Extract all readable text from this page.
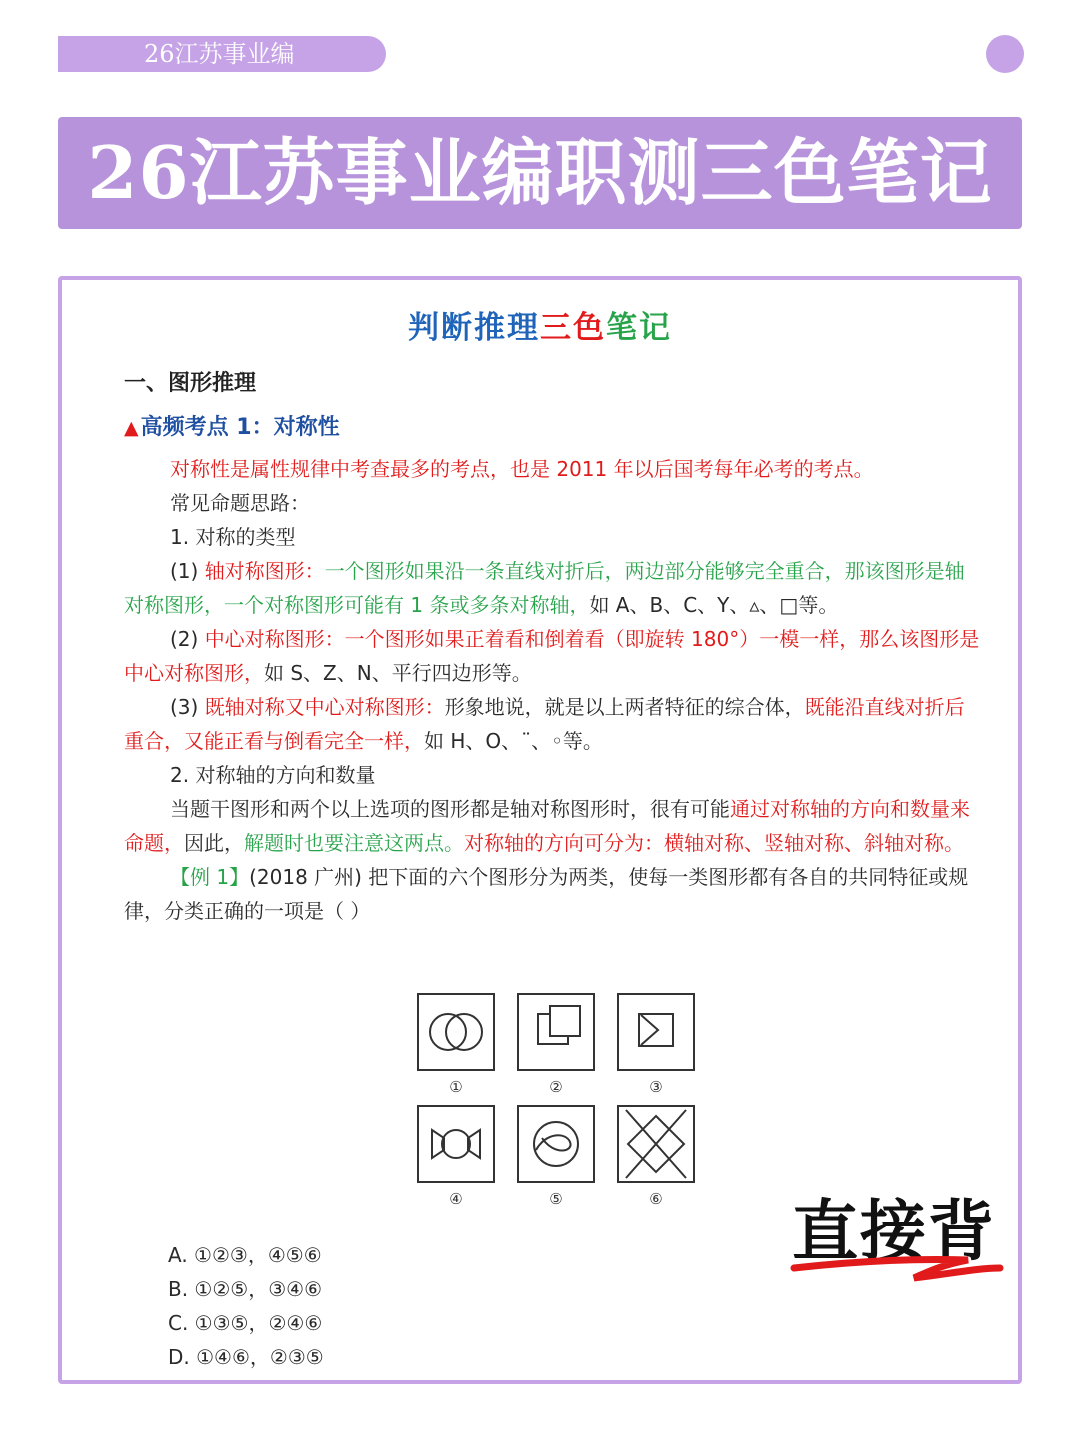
26江苏事业编
26江苏事业编职测三色笔记
判断推理三色笔记
一、图形推理
▲高频考点 1：对称性

对称性是属性规律中考查最多的考点，也是 2011 年以后国考每年必考的考点。

常见命题思路：

1. 对称的类型

(1) 轴对称图形：一个图形如果沿一条直线对折后，两边部分能够完全重合，那该图形是轴对称图形，一个对称图形可能有 1 条或多条对称轴，如 A、B、C、Y、▵、□等。

(2) 中心对称图形：一个图形如果正着看和倒着看（即旋转 180°）一模一样，那么该图形是中心对称图形，如 S、Z、N、平行四边形等。

(3) 既轴对称又中心对称图形：形象地说，就是以上两者特征的综合体，既能沿直线对折后重合，又能正看与倒看完全一样，如 H、O、¨、◦等。

2. 对称轴的方向和数量

当题干图形和两个以上选项的图形都是轴对称图形时，很有可能通过对称轴的方向和数量来命题，因此，解题时也要注意这两点。对称轴的方向可分为：横轴对称、竖轴对称、斜轴对称。

【例 1】(2018 广州) 把下面的六个图形分为两类，使每一类图形都有各自的共同特征或规律，分类正确的一项是（ ）

①	②	③
④	⑤	⑥
A. ①②③，④⑤⑥
B. ①②⑤，③④⑥
C. ①③⑤，②④⑥
D. ①④⑥，②③⑤
直接背
